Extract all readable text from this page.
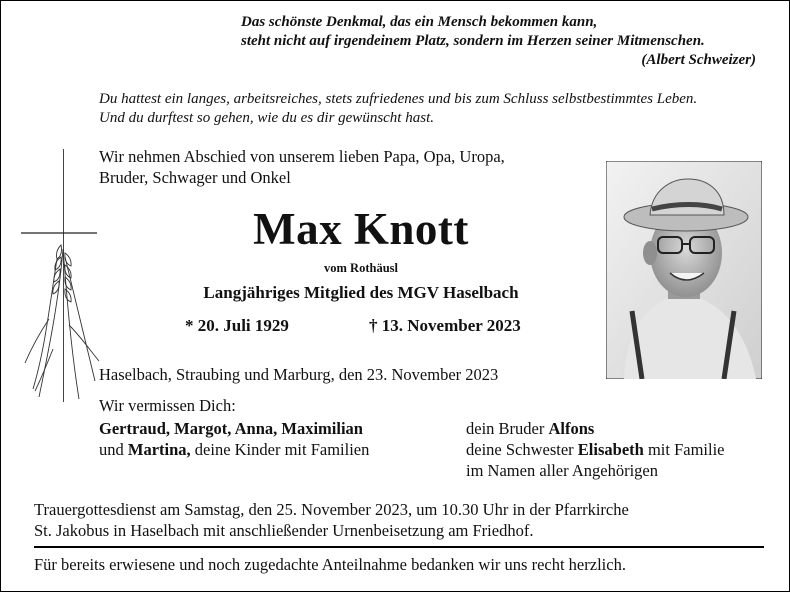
Das schönste Denkmal, das ein Mensch bekommen kann,
steht nicht auf irgendeinem Platz, sondern im Herzen seiner Mitmenschen.
(Albert Schweizer)
Du hattest ein langes, arbeitsreiches, stets zufriedenes und bis zum Schluss selbstbestimmtes Leben.
Und du durftest so gehen, wie du es dir gewünscht hast.
Wir nehmen Abschied von unserem lieben Papa, Opa, Uropa,
Bruder, Schwager und Onkel
Max Knott
vom Rothäusl
Langjähriges Mitglied des MGV Haselbach
* 20. Juli 1929	† 13. November 2023
Haselbach, Straubing und Marburg, den 23. November 2023
Wir vermissen Dich:
Gertraud, Margot, Anna, Maximilian
und Martina, deine Kinder mit Familien
dein Bruder Alfons
deine Schwester Elisabeth mit Familie
im Namen aller Angehörigen
Trauergottesdienst am Samstag, den 25. November 2023, um 10.30 Uhr in der Pfarrkirche
St. Jakobus in Haselbach mit anschließender Urnenbeisetzung am Friedhof.
Für bereits erwiesene und noch zugedachte Anteilnahme bedanken wir uns recht herzlich.
